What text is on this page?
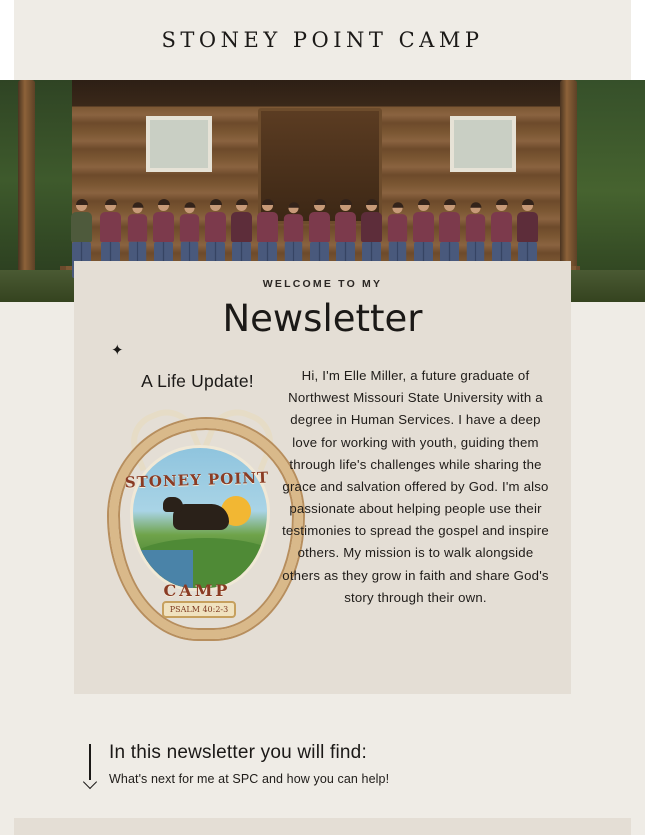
STONEY POINT CAMP
WELCOME TO MY
Newsletter
✦
A Life Update!
STONEY POINT
CAMP
PSALM 40:2-3
Hi, I'm Elle Miller, a future graduate of Northwest Missouri State University with a degree in Human Services. I have a deep love for working with youth, guiding them through life's challenges while sharing the grace and salvation offered by God. I'm also passionate about helping people use their testimonies to spread the gospel and inspire others. My mission is to walk alongside others as they grow in faith and share God's story through their own.
In this newsletter you will find:
What's next for me at SPC and how you can help!
